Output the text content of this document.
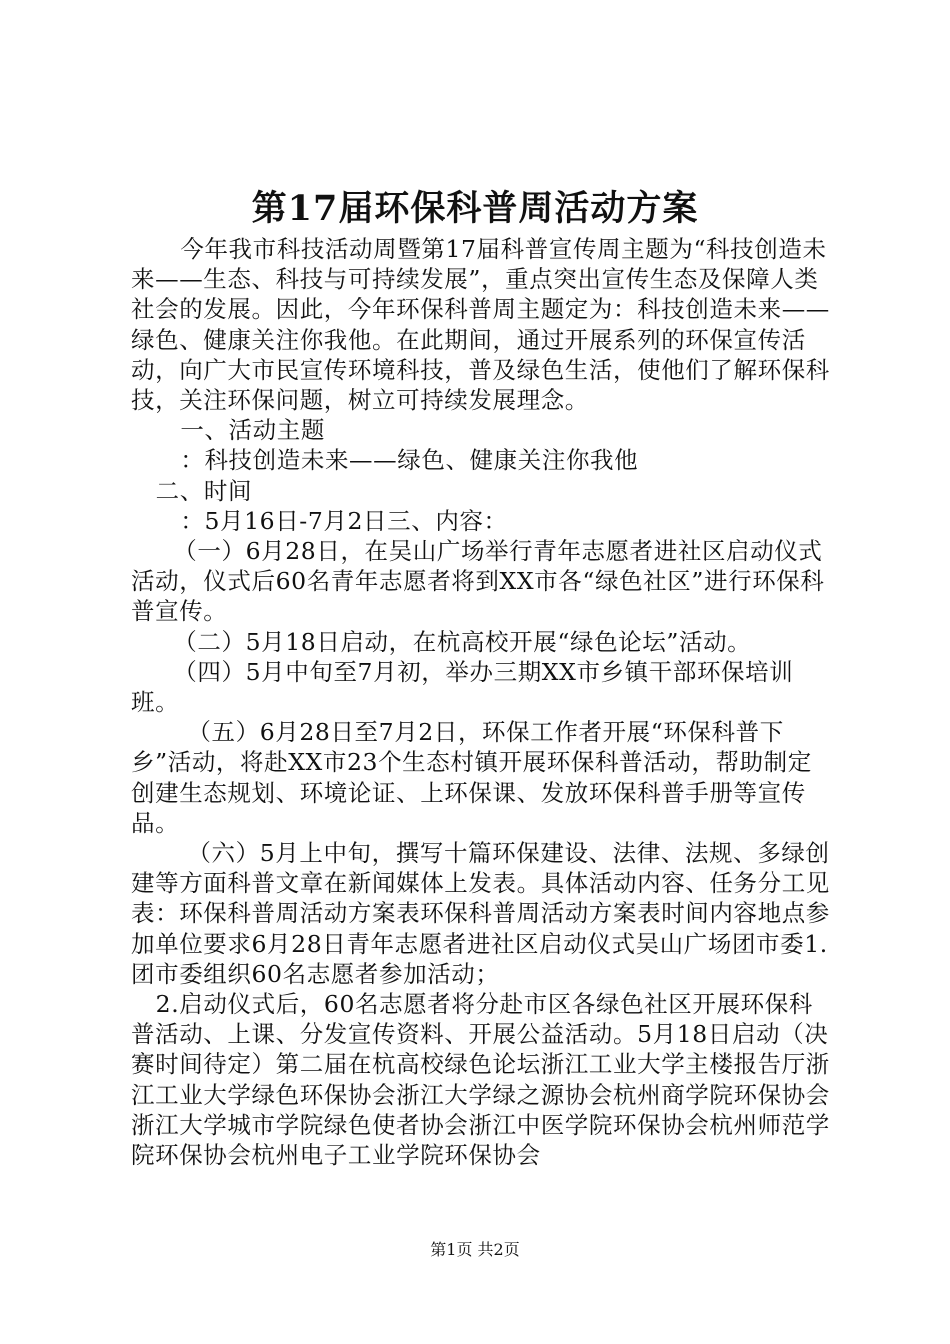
第17届环保科普周活动方案

今年我市科技活动周暨第17届科普宣传周主题为“科技创造未来——生态、科技与可持续发展”，重点突出宣传生态及保障人类社会的发展。因此，今年环保科普周主题定为：科技创造未来——绿色、健康关注你我他。在此期间，通过开展系列的环保宣传活动，向广大市民宣传环境科技，普及绿色生活，使他们了解环保科技，关注环保问题，树立可持续发展理念。

一、活动主题

：科技创造未来——绿色、健康关注你我他

二、时间

：5月16日-7月2日三、内容：

（一）6月28日，在吴山广场举行青年志愿者进社区启动仪式活动，仪式后60名青年志愿者将到XX市各“绿色社区”进行环保科普宣传。

（二）5月18日启动，在杭高校开展“绿色论坛”活动。

（四）5月中旬至7月初，举办三期XX市乡镇干部环保培训班。

（五）6月28日至7月2日，环保工作者开展“环保科普下乡”活动，将赴XX市23个生态村镇开展环保科普活动，帮助制定创建生态规划、环境论证、上环保课、发放环保科普手册等宣传品。

（六）5月上中旬，撰写十篇环保建设、法律、法规、多绿创建等方面科普文章在新闻媒体上发表。具体活动内容、任务分工见表：环保科普周活动方案表环保科普周活动方案表时间内容地点参加单位要求6月28日青年志愿者进社区启动仪式吴山广场团市委1.团市委组织60名志愿者参加活动；

2.启动仪式后，60名志愿者将分赴市区各绿色社区开展环保科普活动、上课、分发宣传资料、开展公益活动。5月18日启动（决赛时间待定）第二届在杭高校绿色论坛浙江工业大学主楼报告厅浙江工业大学绿色环保协会浙江大学绿之源协会杭州商学院环保协会浙江大学城市学院绿色使者协会浙江中医学院环保协会杭州师范学院环保协会杭州电子工业学院环保协会

第1页 共2页
